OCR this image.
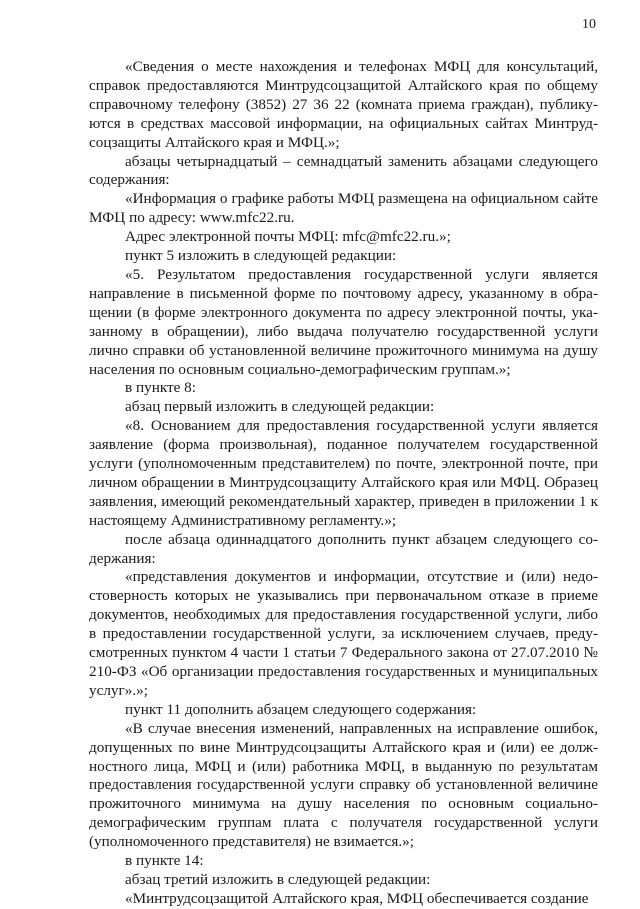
10

«Сведения о месте нахождения и телефонах МФЦ для консультаций, справок предоставляются Минтрудсоцзащитой Алтайского края по общему справочному телефону (3852) 27 36 22 (комната приема граждан), публикуются в средствах массовой информации, на официальных сайтах Минтрудсоцзащиты Алтайского края и МФЦ.»;

абзацы четырнадцатый – семнадцатый заменить абзацами следующего содержания:

«Информация о графике работы МФЦ размещена на официальном сайте МФЦ по адресу: www.mfc22.ru.

Адрес электронной почты МФЦ: mfc@mfc22.ru.»;

пункт 5 изложить в следующей редакции:

«5. Результатом предоставления государственной услуги является направление в письменной форме по почтовому адресу, указанному в обращении (в форме электронного документа по адресу электронной почты, указанному в обращении), либо выдача получателю государственной услуги лично справки об установленной величине прожиточного минимума на душу населения по основным социально-демографическим группам.»;

в пункте 8:

абзац первый изложить в следующей редакции:

«8. Основанием для предоставления государственной услуги является заявление (форма произвольная), поданное получателем государственной услуги (уполномоченным представителем) по почте, электронной почте, при личном обращении в Минтрудсоцзащиту Алтайского края или МФЦ. Образец заявления, имеющий рекомендательный характер, приведен в приложении 1 к настоящему Административному регламенту.»;

после абзаца одиннадцатого дополнить пункт абзацем следующего содержания:

«представления документов и информации, отсутствие и (или) недостоверность которых не указывались при первоначальном отказе в приеме документов, необходимых для предоставления государственной услуги, либо в предоставлении государственной услуги, за исключением случаев, предусмотренных пунктом 4 части 1 статьи 7 Федерального закона от 27.07.2010 № 210-ФЗ «Об организации предоставления государственных и муниципальных услуг».»;

пункт 11 дополнить абзацем следующего содержания:

«В случае внесения изменений, направленных на исправление ошибок, допущенных по вине Минтрудсоцзащиты Алтайского края и (или) ее должностного лица, МФЦ и (или) работника МФЦ, в выданную по результатам предоставления государственной услуги справку об установленной величине прожиточного минимума на душу населения по основным социально-демографическим группам плата с получателя государственной услуги (уполномоченного представителя) не взимается.»;

в пункте 14:

абзац третий изложить в следующей редакции:

«Минтрудсоцзащитой Алтайского края, МФЦ обеспечивается создание
